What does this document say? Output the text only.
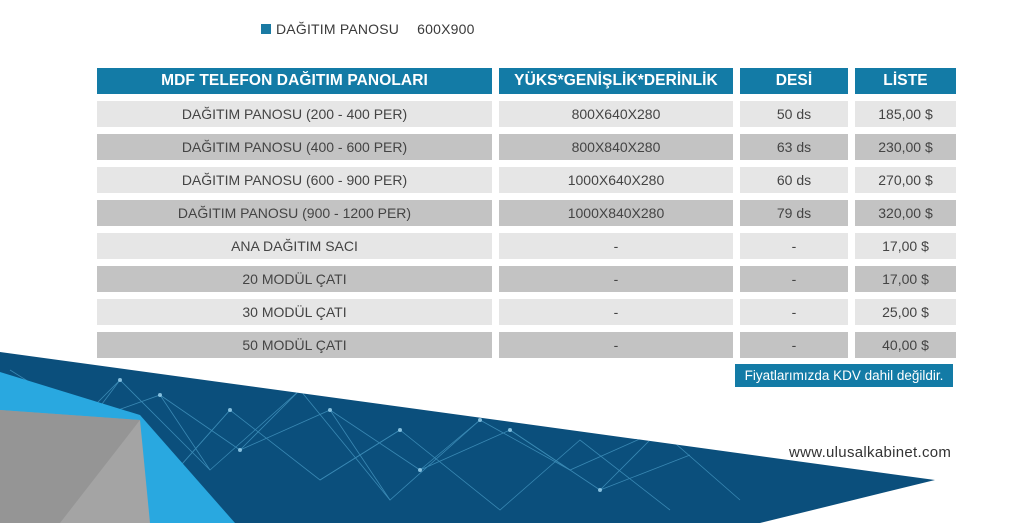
DAĞITIM PANOSU 600X900
MDF TELEFON DAĞITIM PANOLARI	YÜKS*GENİŞLİK*DERİNLİK	DESİ	LİSTE
DAĞITIM PANOSU (200 - 400 PER)	800X640X280	50 ds	185,00 $
DAĞITIM PANOSU (400 - 600 PER)	800X840X280	63 ds	230,00 $
DAĞITIM PANOSU (600 - 900 PER)	1000X640X280	60 ds	270,00 $
DAĞITIM PANOSU (900 - 1200 PER)	1000X840X280	79 ds	320,00 $
ANA DAĞITIM SACI	-	-	17,00 $
20 MODÜL ÇATI	-	-	17,00 $
30 MODÜL ÇATI	-	-	25,00 $
50 MODÜL ÇATI	-	-	40,00 $
Fiyatlarımızda KDV dahil değildir.
www.ulusalkabinet.com
